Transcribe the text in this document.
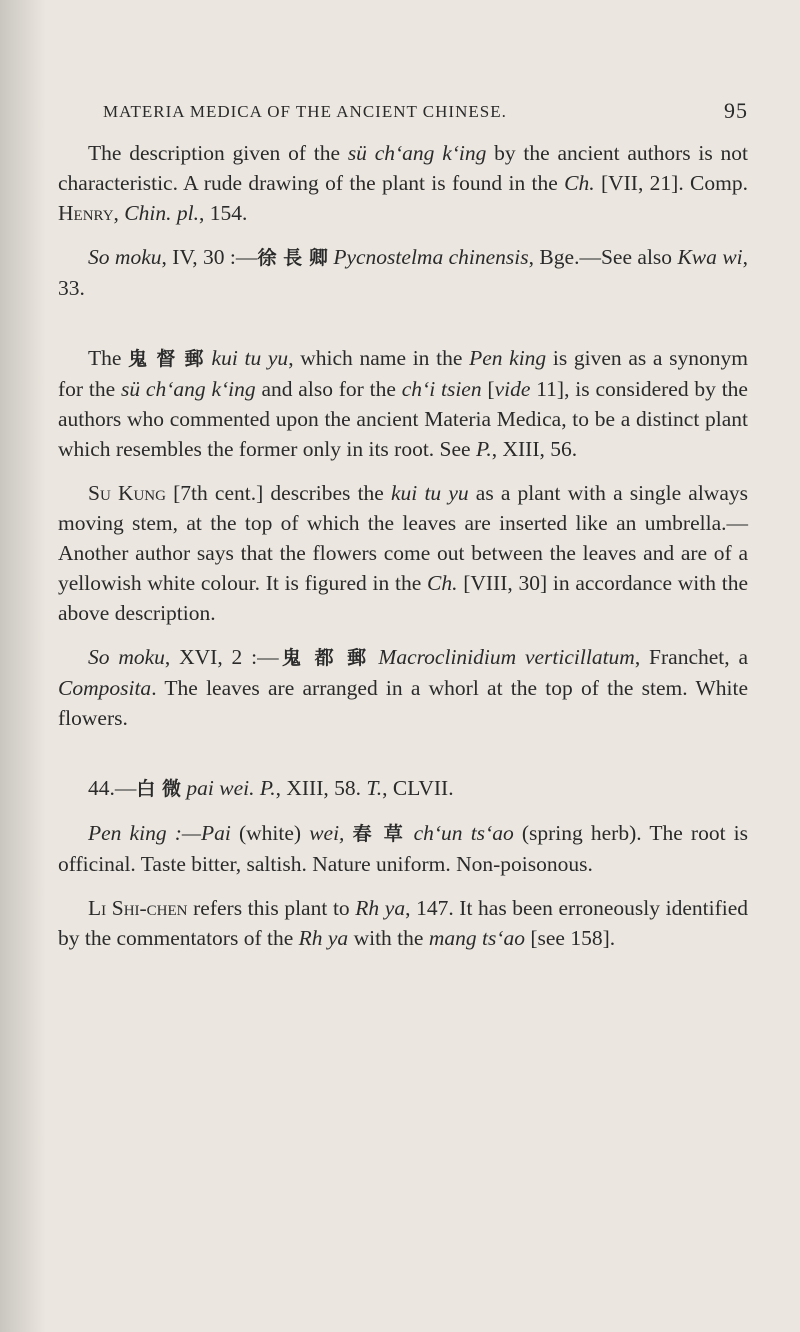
MATERIA MEDICA OF THE ANCIENT CHINESE.	95

The description given of the sü ch‘ang k‘ing by the ancient authors is not characteristic. A rude drawing of the plant is found in the Ch. [VII, 21]. Comp. Henry, Chin. pl., 154.

So moku, IV, 30 :—徐 長 卿 Pycnostelma chinensis, Bge.—See also Kwa wi, 33.

The 鬼 督 郵 kui tu yu, which name in the Pen king is given as a synonym for the sü ch‘ang k‘ing and also for the ch‘i tsien [vide 11], is considered by the authors who commented upon the ancient Materia Medica, to be a distinct plant which resembles the former only in its root. See P., XIII, 56.

Su Kung [7th cent.] describes the kui tu yu as a plant with a single always moving stem, at the top of which the leaves are inserted like an umbrella.—Another author says that the flowers come out between the leaves and are of a yellowish white colour. It is figured in the Ch. [VIII, 30] in accordance with the above description.

So moku, XVI, 2 :—鬼 都 郵 Macroclinidium verticillatum, Franchet, a Composita. The leaves are arranged in a whorl at the top of the stem. White flowers.

44.—白 微 pai wei. P., XIII, 58. T., CLVII.

Pen king :—Pai (white) wei, 春 草 ch‘un ts‘ao (spring herb). The root is officinal. Taste bitter, saltish. Nature uniform. Non-poisonous.

Li Shi-chen refers this plant to Rh ya, 147. It has been erroneously identified by the commentators of the Rh ya with the mang ts‘ao [see 158].
